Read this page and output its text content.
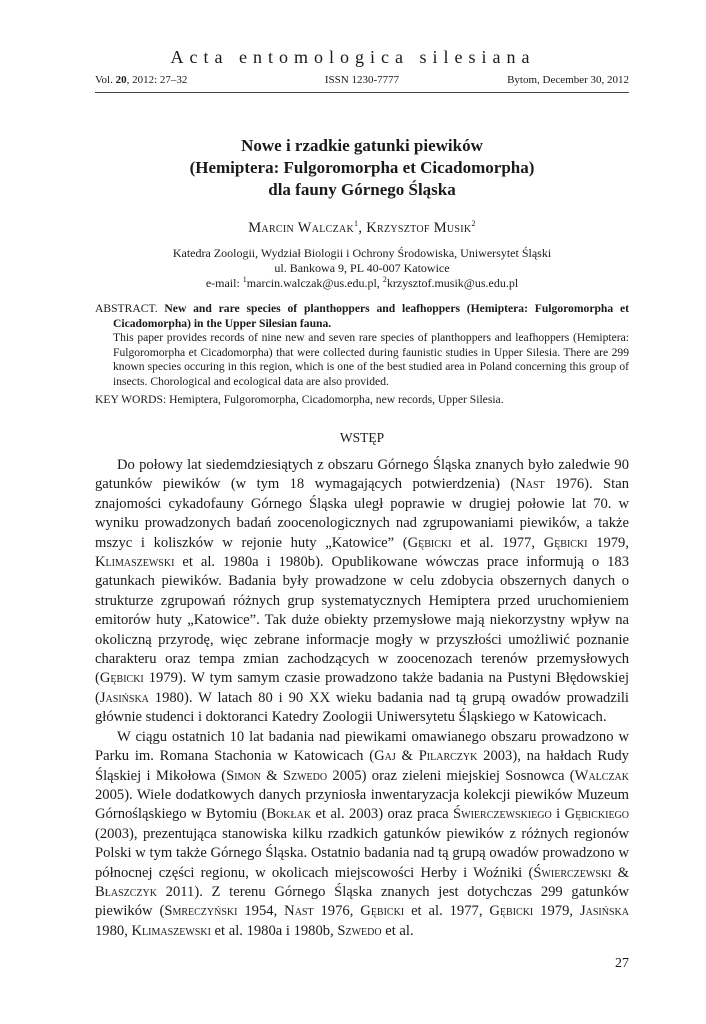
Acta entomologica silesiana
Vol. 20, 2012: 27–32	ISSN 1230-7777	Bytom, December 30, 2012
Nowe i rzadkie gatunki piewików
(Hemiptera: Fulgoromorpha et Cicadomorpha)
dla fauny Górnego Śląska
Marcin Walczak$^1$, Krzysztof Musik$^2$
Katedra Zoologii, Wydział Biologii i Ochrony Środowiska, Uniwersytet Śląski
ul. Bankowa 9, PL 40-007 Katowice
e-mail: $^1$marcin.walczak@us.edu.pl, $^2$krzysztof.musik@us.edu.pl
ABSTRACT. New and rare species of planthoppers and leafhoppers (Hemiptera: Fulgoromorpha et Cicadomorpha) in the Upper Silesian fauna.
This paper provides records of nine new and seven rare species of planthoppers and leafhoppers (Hemiptera: Fulgoromorpha et Cicadomorpha) that were collected during faunistic studies in Upper Silesia. There are 299 known species occuring in this region, which is one of the best studied area in Poland concerning this group of insects. Chorological and ecological data are also provided.
KEY WORDS: Hemiptera, Fulgoromorpha, Cicadomorpha, new records, Upper Silesia.
WSTĘP

Do połowy lat siedemdziesiątych z obszaru Górnego Śląska znanych było zaledwie 90 gatunków piewików (w tym 18 wymagających potwierdzenia) (Nast 1976). Stan znajomości cykadofauny Górnego Śląska uległ poprawie w drugiej połowie lat 70. w wyniku prowadzonych badań zoocenologicznych nad zgrupowaniami piewików, a także mszyc i koliszków w rejonie huty „Katowice” (Gębicki et al. 1977, Gębicki 1979, Klimaszewski et al. 1980a i 1980b). Opublikowane wówczas prace informują o 183 gatunkach piewików. Badania były prowadzone w celu zdobycia obszernych danych o strukturze zgrupowań różnych grup systematycznych Hemiptera przed uruchomieniem emitorów huty „Katowice”. Tak duże obiekty przemysłowe mają niekorzystny wpływ na okoliczną przyrodę, więc zebrane informacje mogły w przyszłości umożliwić poznanie charakteru oraz tempa zmian zachodzących w zoocenozach terenów przemysłowych (Gębicki 1979). W tym samym czasie prowadzono także badania na Pustyni Błędowskiej (Jasińska 1980). W latach 80 i 90 XX wieku badania nad tą grupą owadów prowadzili głównie studenci i doktoranci Katedry Zoologii Uniwersytetu Śląskiego w Katowicach.

W ciągu ostatnich 10 lat badania nad piewikami omawianego obszaru prowadzono w Parku im. Romana Stachonia w Katowicach (Gaj & Pilarczyk 2003), na hałdach Rudy Śląskiej i Mikołowa (Simon & Szwedo 2005) oraz zieleni miejskiej Sosnowca (Walczak 2005). Wiele dodatkowych danych przyniosła inwentaryzacja kolekcji piewików Muzeum Górnośląskiego w Bytomiu (Bokłak et al. 2003) oraz praca Świerczewskiego i Gębickiego (2003), prezentująca stanowiska kilku rzadkich gatunków piewików z różnych regionów Polski w tym także Górnego Śląska. Ostatnio badania nad tą grupą owadów prowadzono w północnej części regionu, w okolicach miejscowości Herby i Woźniki (Świerczewski & Błaszczyk 2011). Z terenu Górnego Śląska znanych jest dotychczas 299 gatunków piewików (Smreczyński 1954, Nast 1976, Gębicki et al. 1977, Gębicki 1979, Jasińska 1980, Klimaszewski et al. 1980a i 1980b, Szwedo et al.

27
